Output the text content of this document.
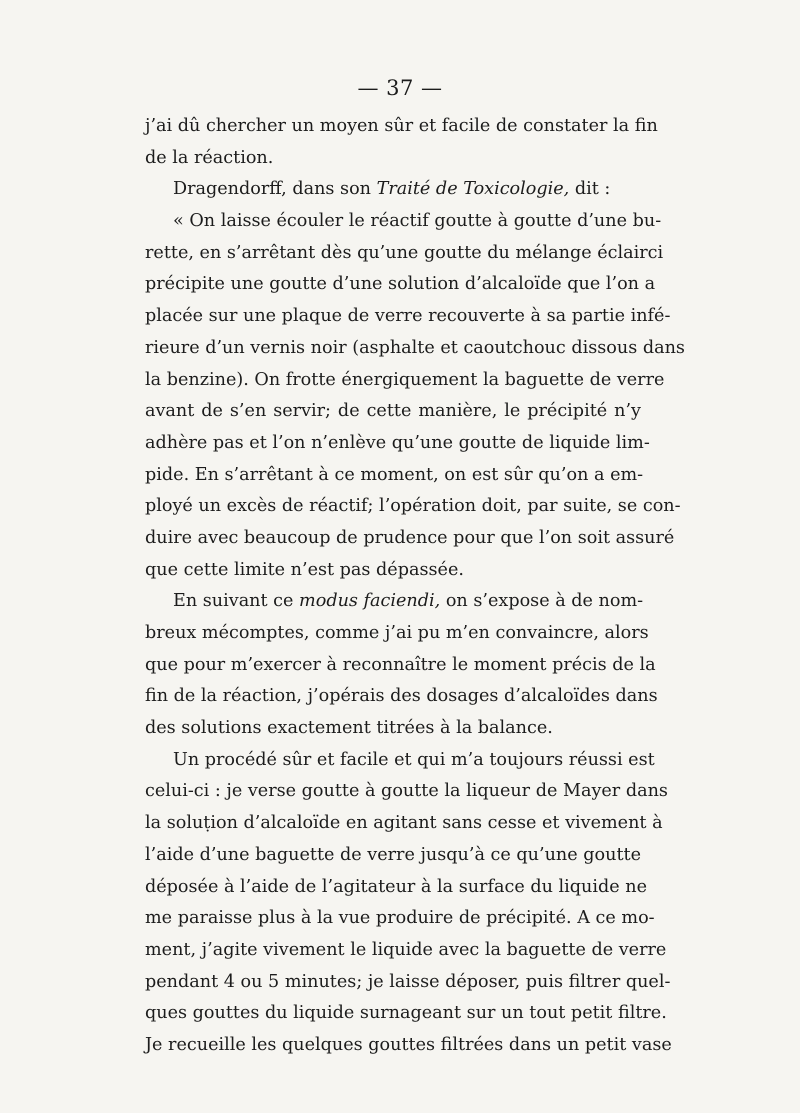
— 37 —
j’ai dû chercher un moyen sûr et facile de constater la fin
de la réaction.
Dragendorff, dans son Traité de Toxicologie, dit :
« On laisse écouler le réactif goutte à goutte d’une bu-
rette, en s’arrêtant dès qu’une goutte du mélange éclairci
précipite une goutte d’une solution d’alcaloïde que l’on a
placée sur une plaque de verre recouverte à sa partie infé-
rieure d’un vernis noir (asphalte et caoutchouc dissous dans
la benzine). On frotte énergiquement la baguette de verre
avant de s’en servir; de cette manière, le précipité n’y
adhère pas et l’on n’enlève qu’une goutte de liquide lim-
pide. En s’arrêtant à ce moment, on est sûr qu’on a em-
ployé un excès de réactif; l’opération doit, par suite, se con-
duire avec beaucoup de prudence pour que l’on soit assuré
que cette limite n’est pas dépassée.
En suivant ce modus faciendi, on s’expose à de nom-
breux mécomptes, comme j’ai pu m’en convaincre, alors
que pour m’exercer à reconnaître le moment précis de la
fin de la réaction, j’opérais des dosages d’alcaloïdes dans
des solutions exactement titrées à la balance.
Un procédé sûr et facile et qui m’a toujours réussi est
celui-ci : je verse goutte à goutte la liqueur de Mayer dans
la soluṭion d’alcaloïde en agitant sans cesse et vivement à
l’aide d’une baguette de verre jusqu’à ce qu’une goutte
déposée à l’aide de l’agitateur à la surface du liquide ne
me paraisse plus à la vue produire de précipité. A ce mo-
ment, j’agite vivement le liquide avec la baguette de verre
pendant 4 ou 5 minutes; je laisse déposer, puis filtrer quel-
ques gouttes du liquide surnageant sur un tout petit filtre.
Je recueille les quelques gouttes filtrées dans un petit vase
